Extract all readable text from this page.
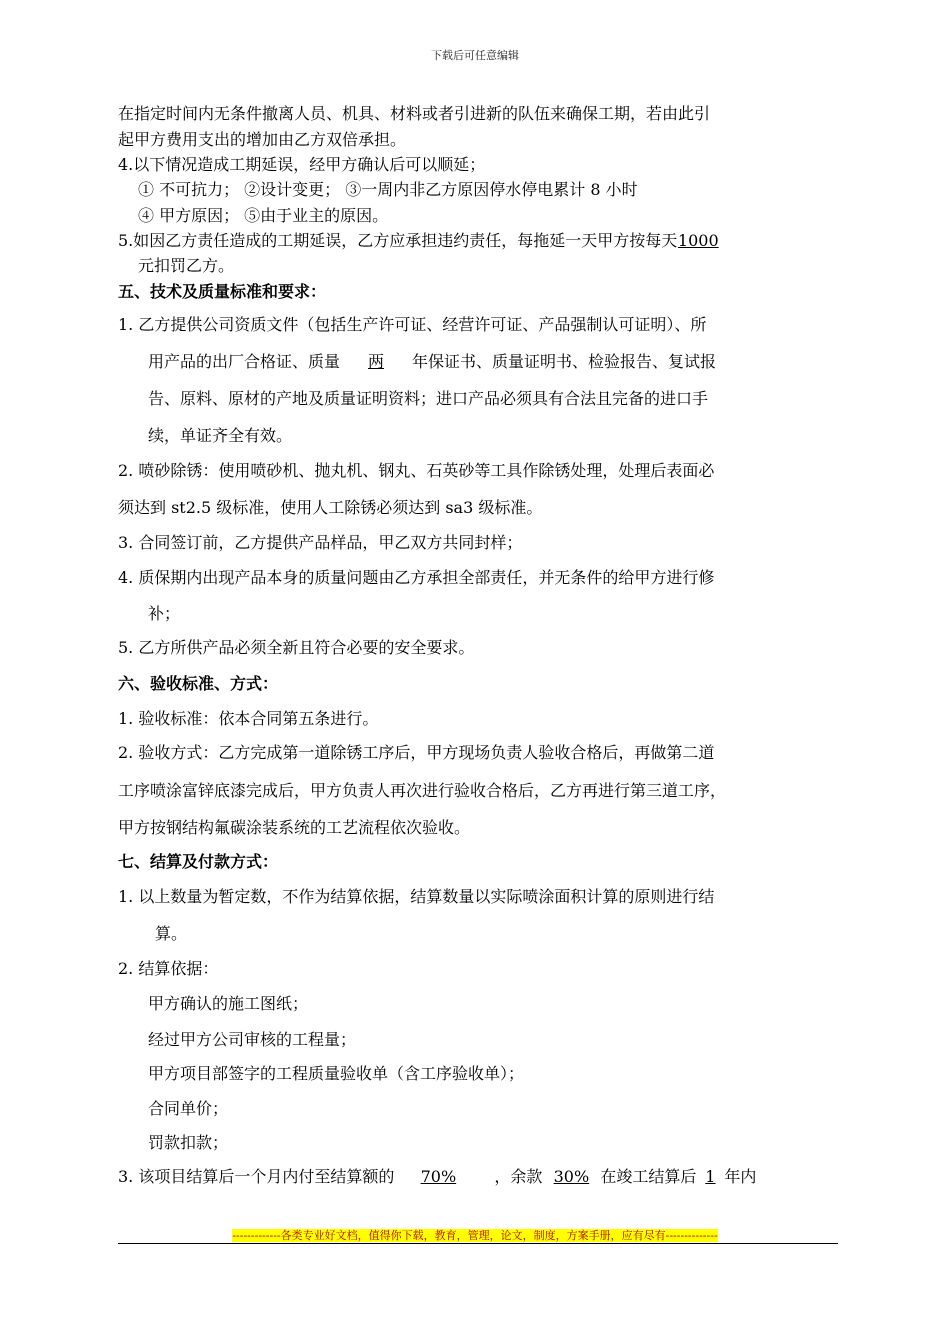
下载后可任意编辑
在指定时间内无条件撤离人员、机具、材料或者引进新的队伍来确保工期，若由此引
起甲方费用支出的增加由乙方双倍承担。
4.以下情况造成工期延误，经甲方确认后可以顺延；
① 不可抗力； ②设计变更； ③一周内非乙方原因停水停电累计 8 小时
④ 甲方原因； ⑤由于业主的原因。
5.如因乙方责任造成的工期延误，乙方应承担违约责任，每拖延一天甲方按每天1000
元扣罚乙方。
五、技术及质量标准和要求：
1. 乙方提供公司资质文件（包括生产许可证、经营许可证、产品强制认可证明）、所
用产品的出厂合格证、质量 两 年保证书、质量证明书、检验报告、复试报
告、原料、原材的产地及质量证明资料；进口产品必须具有合法且完备的进口手
续，单证齐全有效。
2. 喷砂除锈：使用喷砂机、抛丸机、钢丸、石英砂等工具作除锈处理，处理后表面必
须达到 st2.5 级标准，使用人工除锈必须达到 sa3 级标准。
3. 合同签订前，乙方提供产品样品，甲乙双方共同封样；
4. 质保期内出现产品本身的质量问题由乙方承担全部责任，并无条件的给甲方进行修
补；
5. 乙方所供产品必须全新且符合必要的安全要求。
六、验收标准、方式：
1. 验收标准：依本合同第五条进行。
2. 验收方式：乙方完成第一道除锈工序后，甲方现场负责人验收合格后，再做第二道
工序喷涂富锌底漆完成后，甲方负责人再次进行验收合格后，乙方再进行第三道工序，
甲方按钢结构氟碳涂装系统的工艺流程依次验收。
七、结算及付款方式：
1. 以上数量为暂定数，不作为结算依据，结算数量以实际喷涂面积计算的原则进行结
算。
2. 结算依据：
甲方确认的施工图纸；
经过甲方公司审核的工程量；
甲方项目部签字的工程质量验收单（含工序验收单）；
合同单价；
罚款扣款；
3. 该项目结算后一个月内付至结算额的 70% ，余款 30% 在竣工结算后 1 年内
-------------各类专业好文档，值得你下载，教育，管理，论文，制度，方案手册，应有尽有--------------
